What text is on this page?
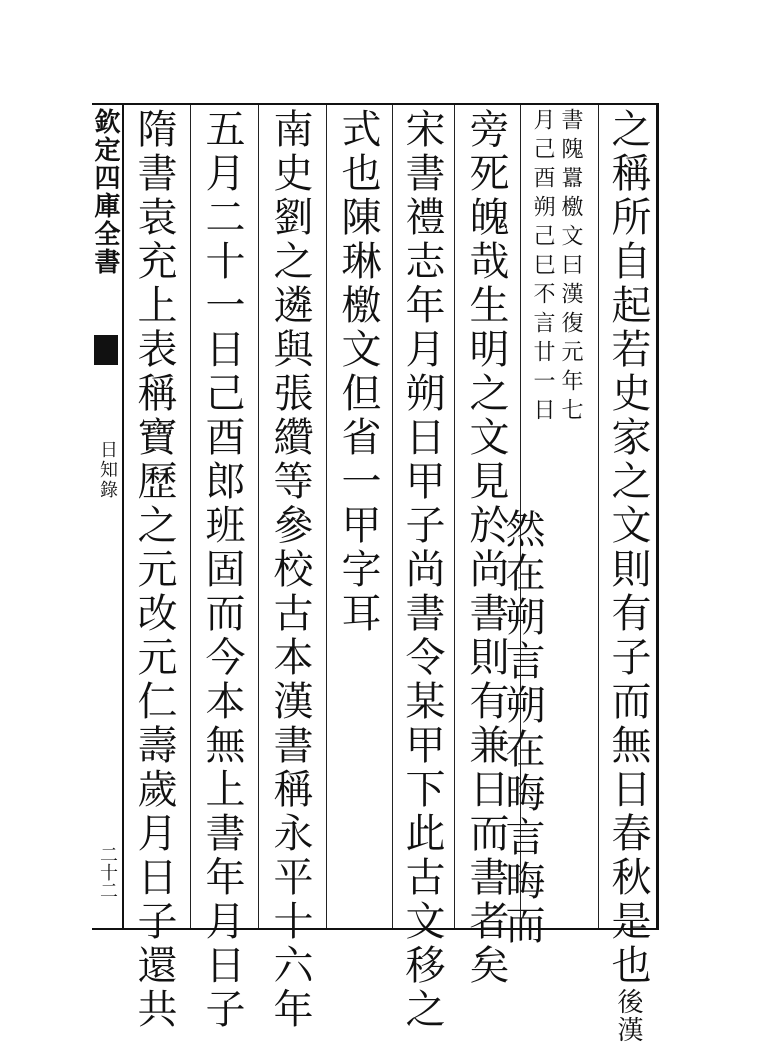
之稱所自起若史家之文則有子而無日春秋是也後漢
書隗囂檄文曰漢復元年七
月己酉朔己巳不言廿一日
然在朔言朔在晦言晦而
旁死魄哉生明之文見於尚書則有兼日而書者矣
宋書禮志年月朔日甲子尚書令某甲下此古文移之
式也陳琳檄文但省一甲字耳
南史劉之遴與張纘等參校古本漢書稱永平十六年
五月二十一日己酉郎班固而今本無上書年月日子
隋書袁充上表稱寶歷之元改元仁壽歲月日子還共
欽定四庫全書
日知錄
二十二
